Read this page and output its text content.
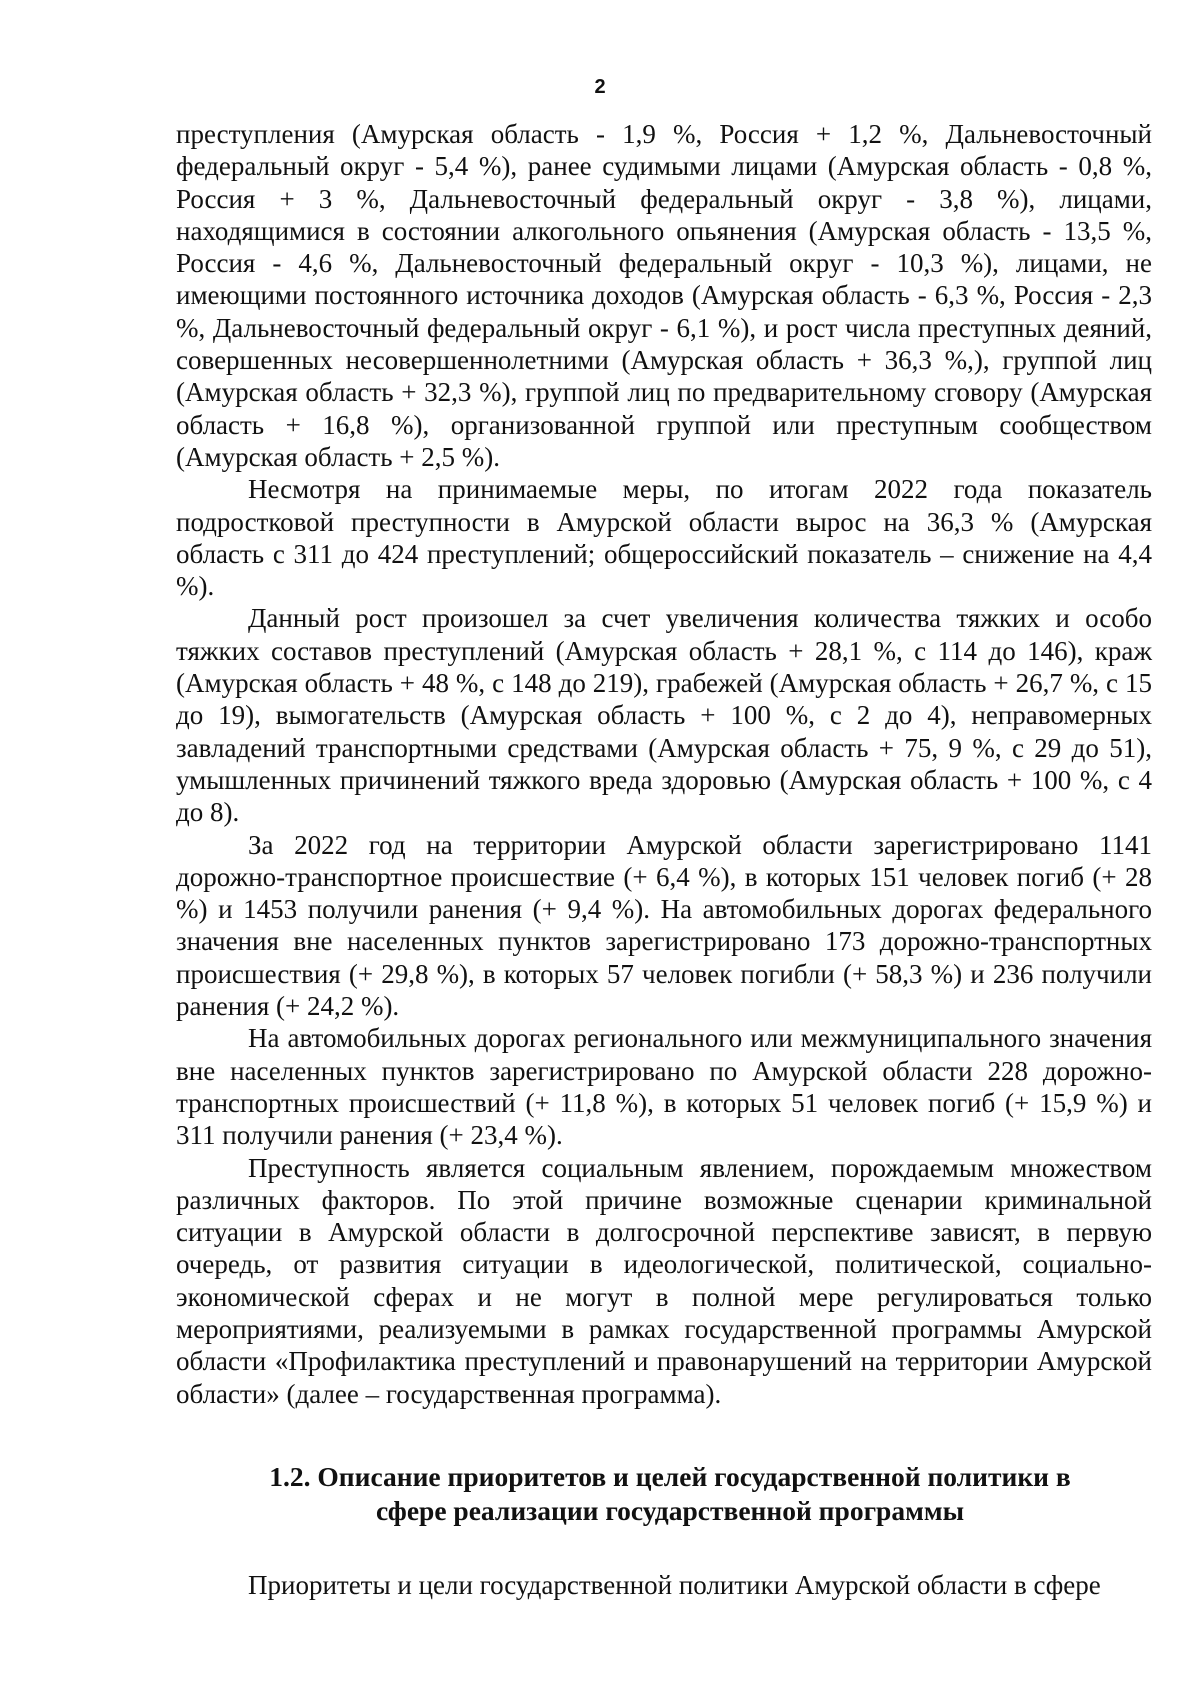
2

преступления (Амурская область - 1,9 %, Россия + 1,2 %, Дальневосточный федеральный округ - 5,4 %), ранее судимыми лицами (Амурская область - 0,8 %, Россия + 3 %, Дальневосточный федеральный округ - 3,8 %), лицами, находящимися в состоянии алкогольного опьянения (Амурская область - 13,5 %, Россия - 4,6 %, Дальневосточный федеральный округ - 10,3 %), лицами, не имеющими постоянного источника доходов (Амурская область - 6,3 %, Россия - 2,3 %, Дальневосточный федеральный округ - 6,1 %), и рост числа преступных деяний, совершенных несовершеннолетними (Амурская область + 36,3 %,), группой лиц (Амурская область + 32,3 %), группой лиц по предварительному сговору (Амурская область + 16,8 %), организованной группой или преступным сообществом (Амурская область + 2,5 %).

Несмотря на принимаемые меры, по итогам 2022 года показатель подростковой преступности в Амурской области вырос на 36,3 % (Амурская область с 311 до 424 преступлений; общероссийский показатель – снижение на 4,4 %).

Данный рост произошел за счет увеличения количества тяжких и особо тяжких составов преступлений (Амурская область + 28,1 %, с 114 до 146), краж (Амурская область + 48 %, с 148 до 219), грабежей (Амурская область + 26,7 %, с 15 до 19), вымогательств (Амурская область + 100 %, с 2 до 4), неправомерных завладений транспортными средствами (Амурская область + 75, 9 %, с 29 до 51), умышленных причинений тяжкого вреда здоровью (Амурская область + 100 %, с 4 до 8).

За 2022 год на территории Амурской области зарегистрировано 1141 дорожно-транспортное происшествие (+ 6,4 %), в которых 151 человек погиб (+ 28 %) и 1453 получили ранения (+ 9,4 %). На автомобильных дорогах федерального значения вне населенных пунктов зарегистрировано 173 дорожно-транспортных происшествия (+ 29,8 %), в которых 57 человек погибли (+ 58,3 %) и 236 получили ранения (+ 24,2 %).

На автомобильных дорогах регионального или межмуниципального значения вне населенных пунктов зарегистрировано по Амурской области 228 дорожно-транспортных происшествий (+ 11,8 %), в которых 51 человек погиб (+ 15,9 %) и 311 получили ранения (+ 23,4 %).

Преступность является социальным явлением, порождаемым множеством различных факторов. По этой причине возможные сценарии криминальной ситуации в Амурской области в долгосрочной перспективе зависят, в первую очередь, от развития ситуации в идеологической, политической, социально-экономической сферах и не могут в полной мере регулироваться только мероприятиями, реализуемыми в рамках государственной программы Амурской области «Профилактика преступлений и правонарушений на территории Амурской области» (далее – государственная программа).

1.2. Описание приоритетов и целей государственной политики в
сфере реализации государственной программы

Приоритеты и цели государственной политики Амурской области в сфере
